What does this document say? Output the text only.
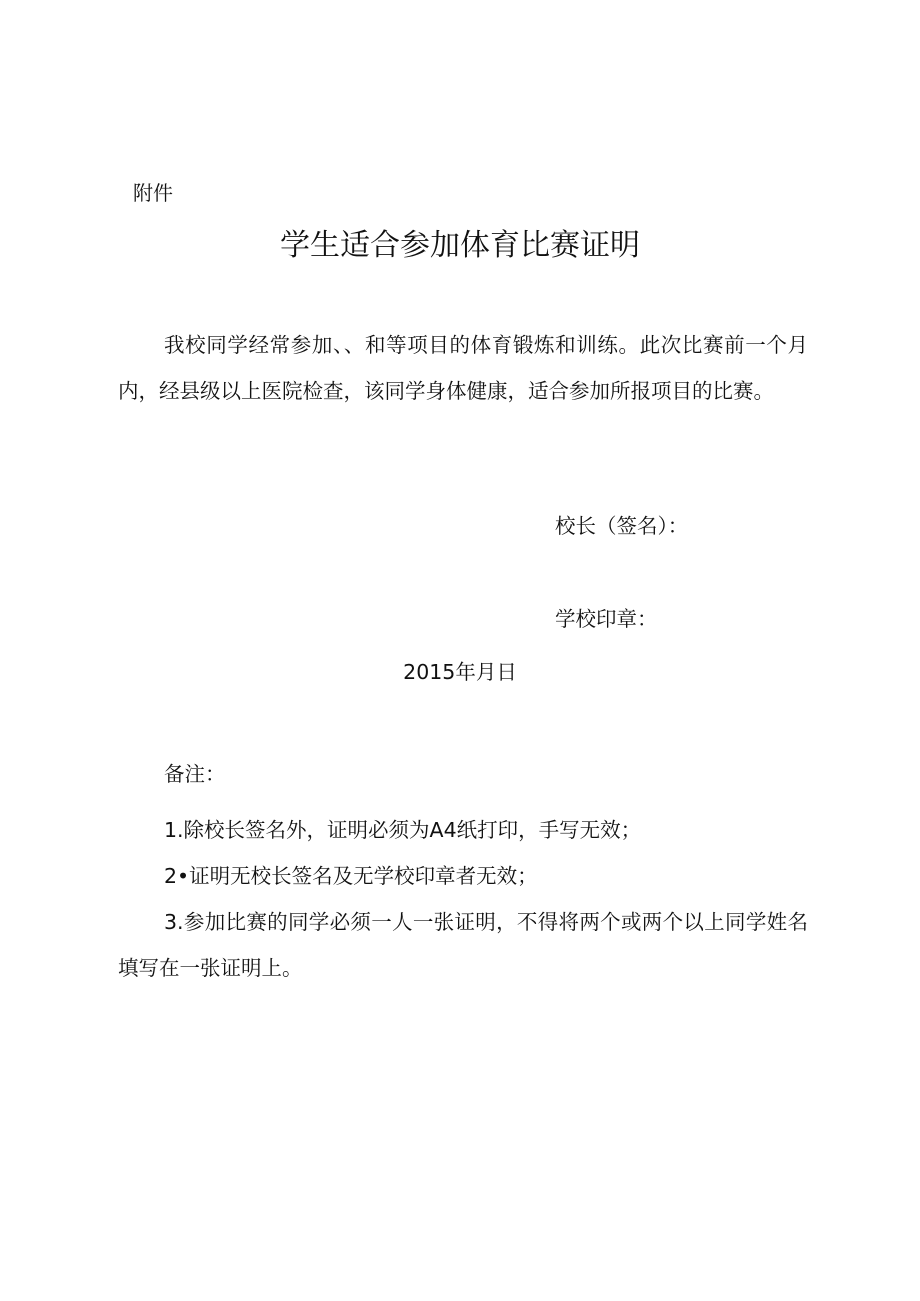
附件
学生适合参加体育比赛证明
我校同学经常参加、、和等项目的体育锻炼和训练。此次比赛前一个月内，经县级以上医院检查，该同学身体健康，适合参加所报项目的比赛。
校长（签名）：
学校印章：
2015年月日
备注：
1.除校长签名外，证明必须为A4纸打印，手写无效；
2•证明无校长签名及无学校印章者无效；
3.参加比赛的同学必须一人一张证明，不得将两个或两个以上同学姓名填写在一张证明上。
